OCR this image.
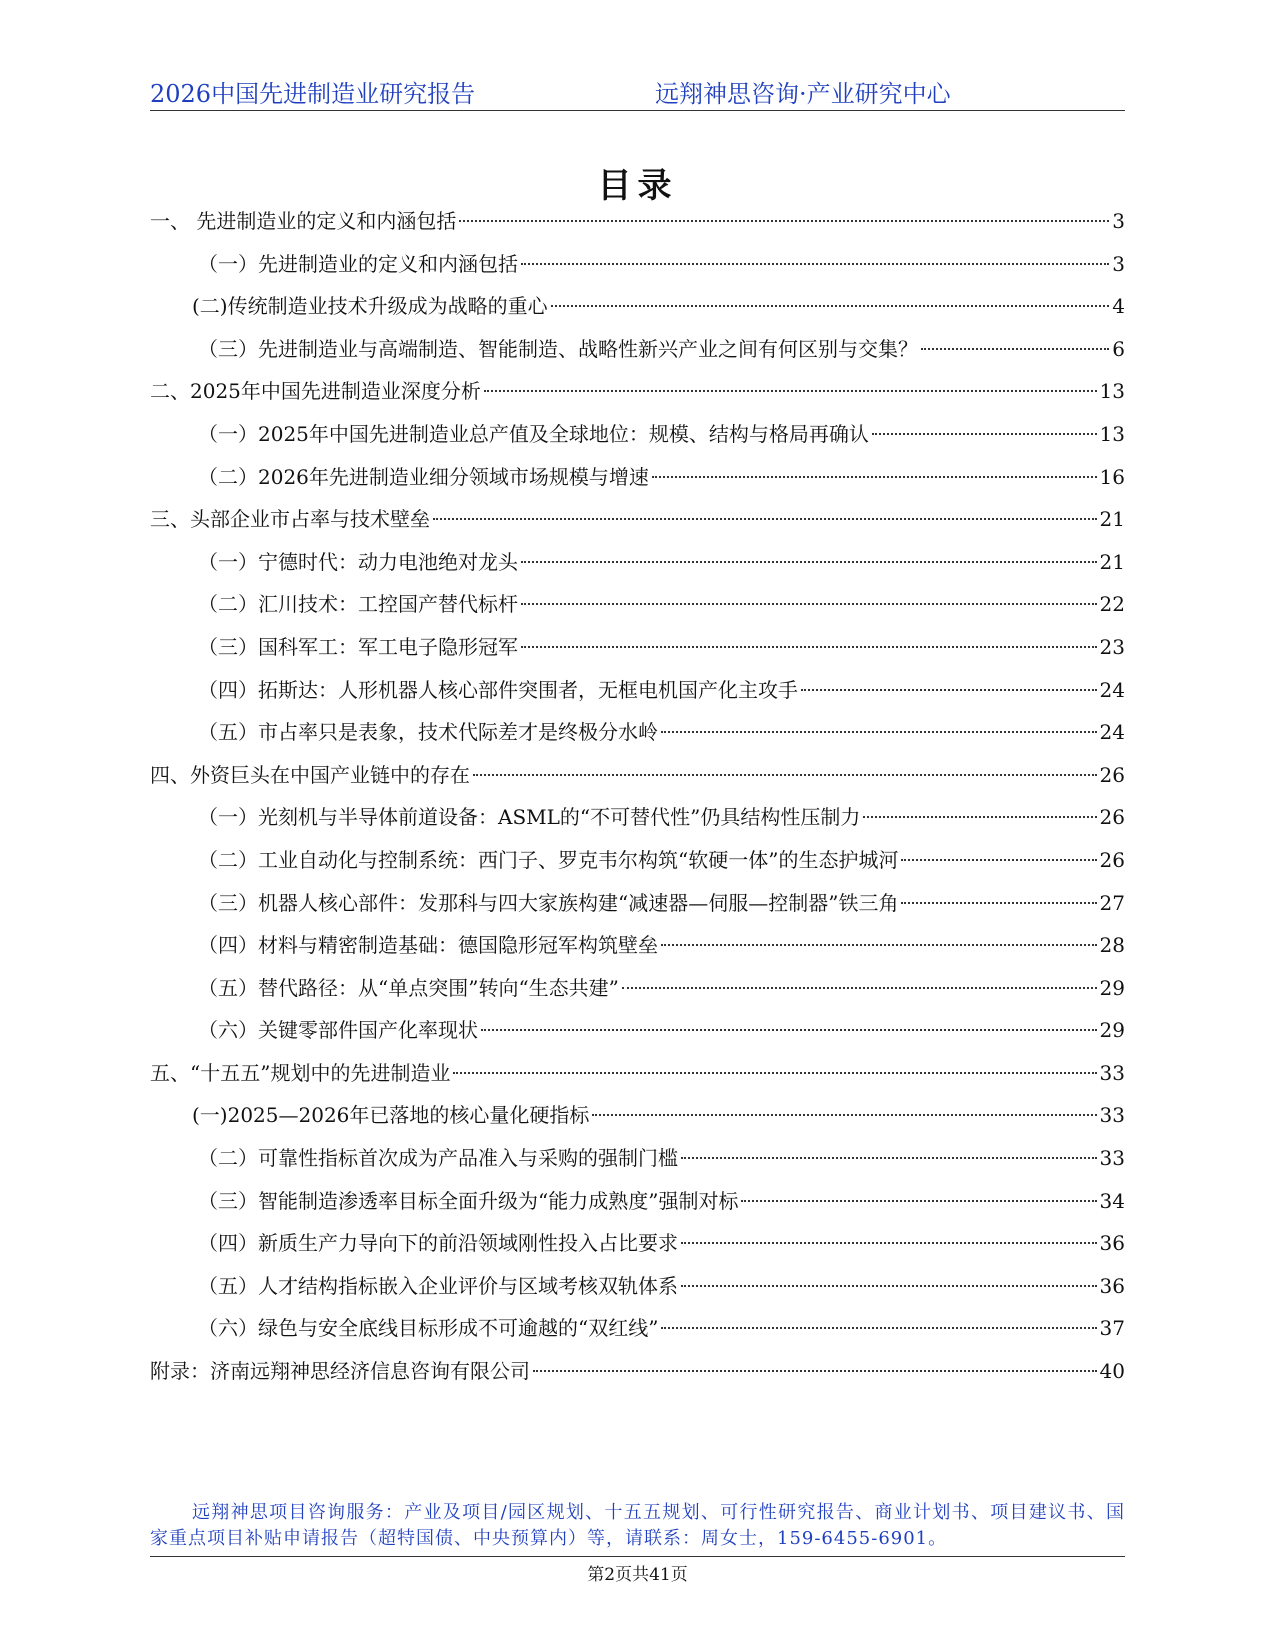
2026中国先进制造业研究报告	远翔神思咨询·产业研究中心
目录
一、 先进制造业的定义和内涵包括	3
（一）先进制造业的定义和内涵包括	3
(二)传统制造业技术升级成为战略的重心	4
（三）先进制造业与高端制造、智能制造、战略性新兴产业之间有何区别与交集？	6
二、2025年中国先进制造业深度分析	13
（一）2025年中国先进制造业总产值及全球地位：规模、结构与格局再确认	13
（二）2026年先进制造业细分领域市场规模与增速	16
三、头部企业市占率与技术壁垒	21
（一）宁德时代：动力电池绝对龙头	21
（二）汇川技术：工控国产替代标杆	22
（三）国科军工：军工电子隐形冠军	23
（四）拓斯达：人形机器人核心部件突围者，无框电机国产化主攻手	24
（五）市占率只是表象，技术代际差才是终极分水岭	24
四、外资巨头在中国产业链中的存在	26
（一）光刻机与半导体前道设备：ASML的“不可替代性”仍具结构性压制力	26
（二）工业自动化与控制系统：西门子、罗克韦尔构筑“软硬一体”的生态护城河	26
（三）机器人核心部件：发那科与四大家族构建“减速器—伺服—控制器”铁三角	27
（四）材料与精密制造基础：德国隐形冠军构筑壁垒	28
（五）替代路径：从“单点突围”转向“生态共建”	29
（六）关键零部件国产化率现状	29
五、“十五五”规划中的先进制造业	33
(一)2025—2026年已落地的核心量化硬指标	33
（二）可靠性指标首次成为产品准入与采购的强制门槛	33
（三）智能制造渗透率目标全面升级为“能力成熟度”强制对标	34
（四）新质生产力导向下的前沿领域刚性投入占比要求	36
（五）人才结构指标嵌入企业评价与区域考核双轨体系	36
（六）绿色与安全底线目标形成不可逾越的“双红线”	37
附录：济南远翔神思经济信息咨询有限公司	40
远翔神思项目咨询服务：产业及项目/园区规划、十五五规划、可行性研究报告、商业计划书、项目建议书、国家重点项目补贴申请报告（超特国债、中央预算内）等，请联系：周女士，159-6455-6901。
第2页共41页
